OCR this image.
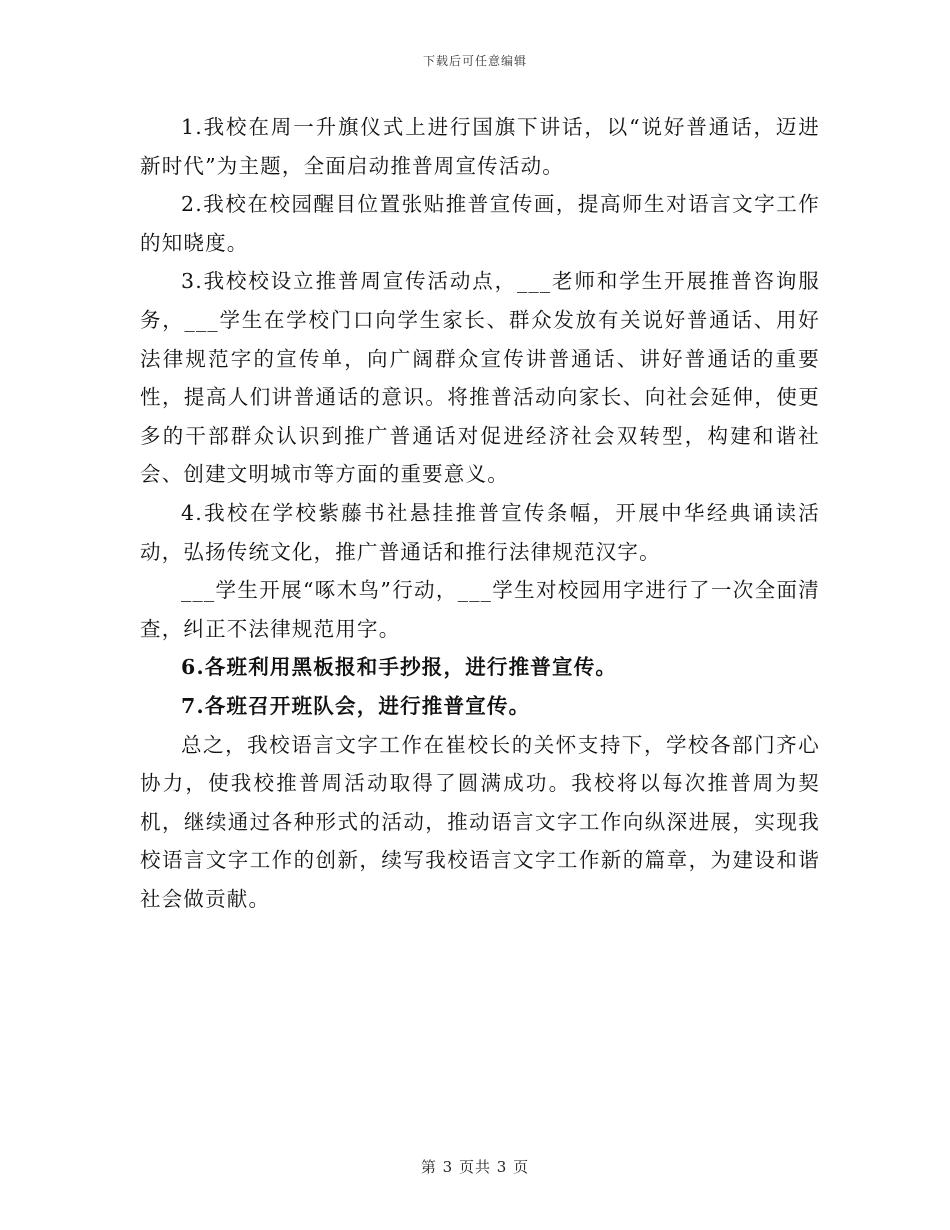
下载后可任意编辑

1.我校在周一升旗仪式上进行国旗下讲话，以“说好普通话，迈进新时代”为主题，全面启动推普周宣传活动。

2.我校在校园醒目位置张贴推普宣传画，提高师生对语言文字工作的知晓度。

3.我校校设立推普周宣传活动点，___老师和学生开展推普咨询服务，___学生在学校门口向学生家长、群众发放有关说好普通话、用好法律规范字的宣传单，向广阔群众宣传讲普通话、讲好普通话的重要性，提高人们讲普通话的意识。将推普活动向家长、向社会延伸，使更多的干部群众认识到推广普通话对促进经济社会双转型，构建和谐社会、创建文明城市等方面的重要意义。

4.我校在学校紫藤书社悬挂推普宣传条幅，开展中华经典诵读活动，弘扬传统文化，推广普通话和推行法律规范汉字。

___学生开展“啄木鸟”行动，___学生对校园用字进行了一次全面清查，纠正不法律规范用字。

6.各班利用黑板报和手抄报，进行推普宣传。

7.各班召开班队会，进行推普宣传。

总之，我校语言文字工作在崔校长的关怀支持下，学校各部门齐心协力，使我校推普周活动取得了圆满成功。我校将以每次推普周为契机，继续通过各种形式的活动，推动语言文字工作向纵深进展，实现我校语言文字工作的创新，续写我校语言文字工作新的篇章，为建设和谐社会做贡献。

第 3 页共 3 页
